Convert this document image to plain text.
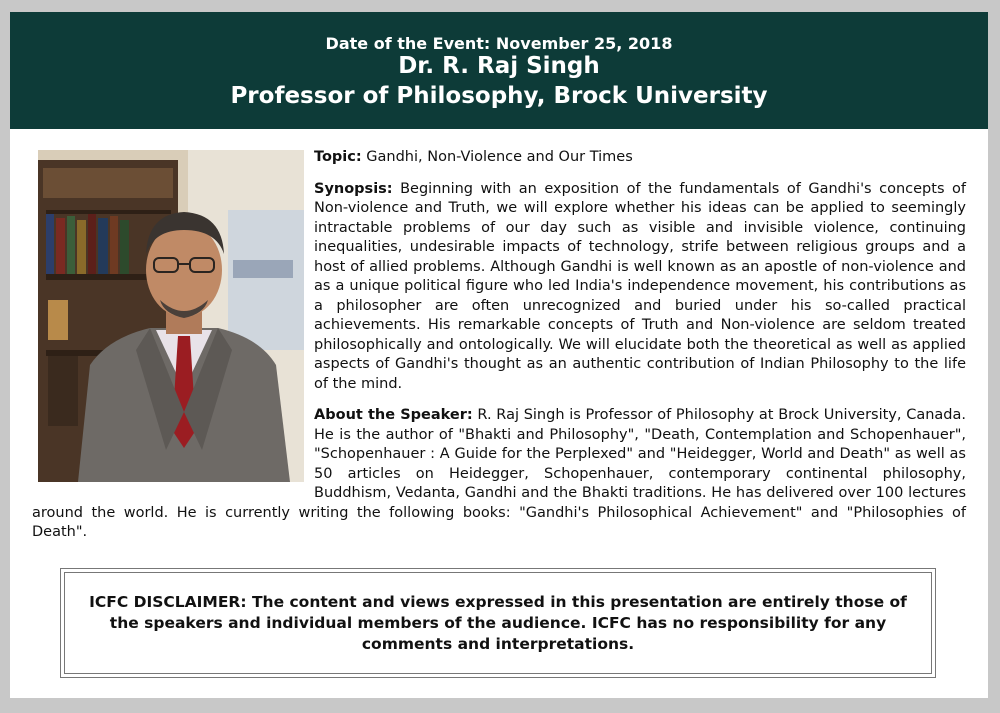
Date of the Event: November 25, 2018
Dr. R. Raj Singh
Professor of Philosophy, Brock University

Topic: Gandhi, Non-Violence and Our Times

Synopsis: Beginning with an exposition of the fundamentals of Gandhi's concepts of Non-violence and Truth, we will explore whether his ideas can be applied to seemingly intractable problems of our day such as visible and invisible violence, continuing inequalities, undesirable impacts of technology, strife between religious groups and a host of allied problems. Although Gandhi is well known as an apostle of non-violence and as a unique political figure who led India's independence movement, his contributions as a philosopher are often unrecognized and buried under his so-called practical achievements. His remarkable concepts of Truth and Non-violence are seldom treated philosophically and ontologically. We will elucidate both the theoretical as well as applied aspects of Gandhi's thought as an authentic contribution of Indian Philosophy to the life of the mind.

About the Speaker: R. Raj Singh is Professor of Philosophy at Brock University, Canada. He is the author of "Bhakti and Philosophy", "Death, Contemplation and Schopenhauer", "Schopenhauer : A Guide for the Perplexed" and "Heidegger, World and Death" as well as 50 articles on Heidegger, Schopenhauer, contemporary continental philosophy, Buddhism, Vedanta, Gandhi and the Bhakti traditions. He has delivered over 100 lectures around the world. He is currently writing the following books: "Gandhi's Philosophical Achievement" and "Philosophies of Death".

ICFC DISCLAIMER: The content and views expressed in this presentation are entirely those of the speakers and individual members of the audience. ICFC has no responsibility for any comments and interpretations.
